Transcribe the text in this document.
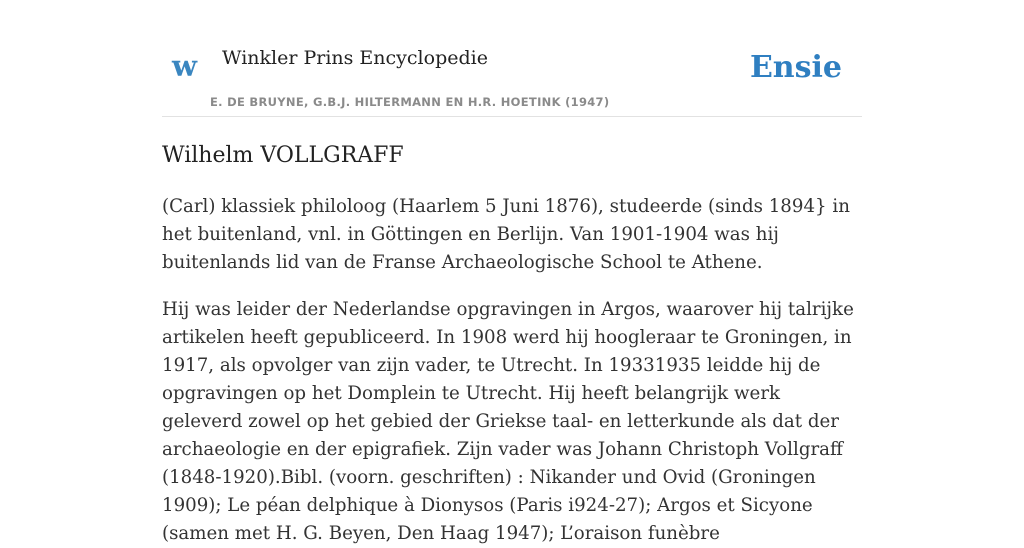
w Winkler Prins Encyclopedie	Ensie
E. DE BRUYNE, G.B.J. HILTERMANN EN H.R. HOETINK (1947)
Wilhelm VOLLGRAFF

(Carl) klassiek philoloog (Haarlem 5 Juni 1876), studeerde (sinds 1894} in het buitenland, vnl. in Göttingen en Berlijn. Van 1901-1904 was hij buitenlands lid van de Franse Archaeologische School te Athene.

Hij was leider der Nederlandse opgravingen in Argos, waarover hij talrijke artikelen heeft gepubliceerd. In 1908 werd hij hoogleraar te Groningen, in 1917, als opvolger van zijn vader, te Utrecht. In 19331935 leidde hij de opgravingen op het Domplein te Utrecht. Hij heeft belangrijk werk geleverd zowel op het gebied der Griekse taal- en letterkunde als dat der archaeologie en der epigrafiek. Zijn vader was Johann Christoph Vollgraff (1848-1920).Bibl. (voorn. geschriften) : Nikander und Ovid (Groningen 1909); Le péan delphique à Dionysos (Paris i924-27); Argos et Sicyone (samen met H. G. Beyen, Den Haag 1947); L’oraison funèbre
